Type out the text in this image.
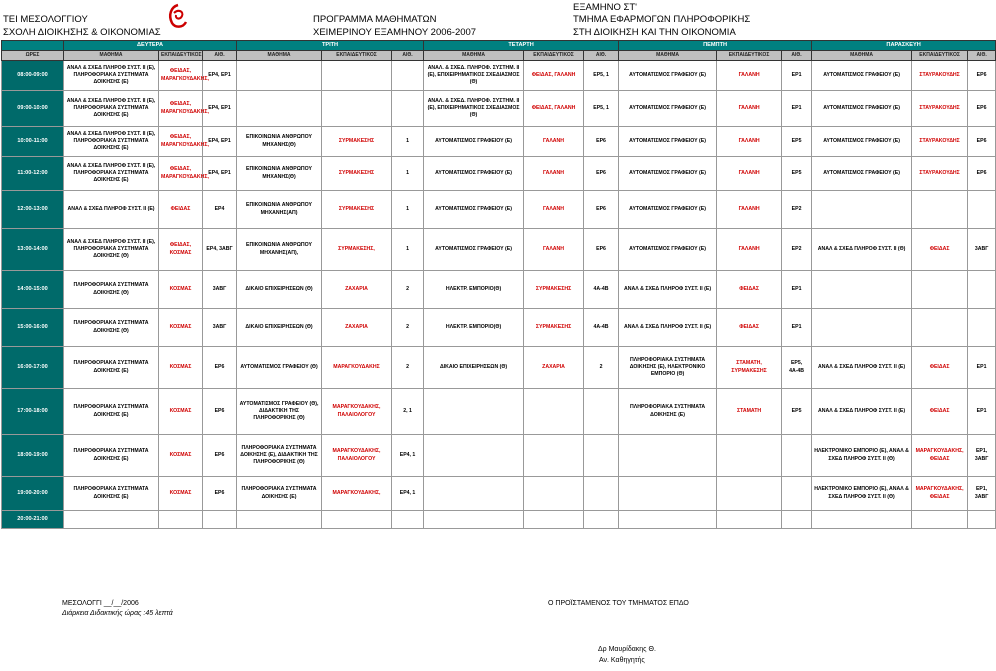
ΤΕΙ ΜΕΣΟΛΟΓΓΙΟΥ
ΣΧΟΛΗ ΔΙΟΙΚΗΣΗΣ & ΟΙΚΟΝΟΜΙΑΣ
ΠΡΟΓΡΑΜΜΑ ΜΑΘΗΜΑΤΩΝ
ΧΕΙΜΕΡΙΝΟΥ ΕΞΑΜΗΝΟΥ 2006-2007
ΕΞΑΜΗΝΟ ΣΤ'
ΤΜΗΜΑ ΕΦΑΡΜΟΓΩΝ ΠΛΗΡΟΦΟΡΙΚΗΣ
ΣΤΗ ΔΙΟΙΚΗΣΗ ΚΑΙ ΤΗΝ ΟΙΚΟΝΟΜΙΑ
	ΔΕΥΤΕΡΑ			ΤΡΙΤΗ			ΤΕΤΑΡΤΗ			ΠΕΜΠΤΗ			ΠΑΡΑΣΚΕΥΗ		
ΩΡΕΣ	ΜΑΘΗΜΑ	ΕΚΠΑΙΔΕΥΤΙΚΟΣ	ΑΙΘ.	ΜΑΘΗΜΑ	ΕΚΠΑΙΔΕΥΤΙΚΟΣ	ΑΙΘ.	ΜΑΘΗΜΑ	ΕΚΠΑΙΔΕΥΤΙΚΟΣ	ΑΙΘ.	ΜΑΘΗΜΑ	ΕΚΠΑΙΔΕΥΤΙΚΟΣ	ΑΙΘ.	ΜΑΘΗΜΑ	ΕΚΠΑΙΔΕΥΤΙΚΟΣ	ΑΙΘ.
08:00-09:00	ΑΝΑΛ & ΣΧΕΔ ΠΛΗΡΟΦ ΣΥΣΤ. ΙΙ (Ε), ΠΛΗΡΟΦΟΡΙΑΚΑ ΣΥΣΤΗΜΑΤΑ ΔΟΙΚΗΣΗΣ (Ε)	ΦΕΙΔΑΣ, ΜΑΡΑΓΚΟΥΔΑΚΗΣ,	ΕΡ4, ΕΡ1				ΑΝΑΛ. & ΣΧΕΔ. ΠΛΗΡΟΦ. ΣΥΣΤΗΜ. ΙΙ (Ε), ΕΠΙΧΕΙΡΗΜΑΤΙΚΟΣ ΣΧΕΔΙΑΣΜΟΣ (Θ)	ΦΕΙΔΑΣ, ΓΑΛΑΝΗ	ΕΡ5, 1	ΑΥΤΟΜΑΤΙΣΜΟΣ ΓΡΑΦΕΙΟΥ (Ε)	ΓΑΛΑΝΗ	ΕΡ1	ΑΥΤΟΜΑΤΙΣΜΟΣ ΓΡΑΦΕΙΟΥ (Ε)	ΣΤΑΥΡΑΚΟΥΔΗΣ	ΕΡ6
09:00-10:00	ΑΝΑΛ & ΣΧΕΔ ΠΛΗΡΟΦ ΣΥΣΤ. ΙΙ (Ε), ΠΛΗΡΟΦΟΡΙΑΚΑ ΣΥΣΤΗΜΑΤΑ ΔΟΙΚΗΣΗΣ (Ε)	ΦΕΙΔΑΣ, ΜΑΡΑΓΚΟΥΔΑΚΗΣ,	ΕΡ4, ΕΡ1				ΑΝΑΛ. & ΣΧΕΔ. ΠΛΗΡΟΦ. ΣΥΣΤΗΜ. ΙΙ (Ε), ΕΠΙΧΕΙΡΗΜΑΤΙΚΟΣ ΣΧΕΔΙΑΣΜΟΣ (Θ)	ΦΕΙΔΑΣ, ΓΑΛΑΝΗ	ΕΡ5, 1	ΑΥΤΟΜΑΤΙΣΜΟΣ ΓΡΑΦΕΙΟΥ (Ε)	ΓΑΛΑΝΗ	ΕΡ1	ΑΥΤΟΜΑΤΙΣΜΟΣ ΓΡΑΦΕΙΟΥ (Ε)	ΣΤΑΥΡΑΚΟΥΔΗΣ	ΕΡ6
10:00-11:00	ΑΝΑΛ & ΣΧΕΔ ΠΛΗΡΟΦ ΣΥΣΤ. ΙΙ (Ε), ΠΛΗΡΟΦΟΡΙΑΚΑ ΣΥΣΤΗΜΑΤΑ ΔΟΙΚΗΣΗΣ (Ε)	ΦΕΙΔΑΣ, ΜΑΡΑΓΚΟΥΔΑΚΗΣ,	ΕΡ4, ΕΡ1	ΕΠΙΚΟΙΝΩΝΙΑ ΑΝΘΡΩΠΟΥ ΜΗΧΑΝΗΣ(Θ)	ΣΥΡΜΑΚΕΣΗΣ	1	ΑΥΤΟΜΑΤΙΣΜΟΣ ΓΡΑΦΕΙΟΥ (Ε)	ΓΑΛΑΝΗ	ΕΡ6	ΑΥΤΟΜΑΤΙΣΜΟΣ ΓΡΑΦΕΙΟΥ (Ε)	ΓΑΛΑΝΗ	ΕΡ5	ΑΥΤΟΜΑΤΙΣΜΟΣ ΓΡΑΦΕΙΟΥ (Ε)	ΣΤΑΥΡΑΚΟΥΔΗΣ	ΕΡ6
11:00-12:00	ΑΝΑΛ & ΣΧΕΔ ΠΛΗΡΟΦ ΣΥΣΤ. ΙΙ (Ε), ΠΛΗΡΟΦΟΡΙΑΚΑ ΣΥΣΤΗΜΑΤΑ ΔΟΙΚΗΣΗΣ (Ε)	ΦΕΙΔΑΣ, ΜΑΡΑΓΚΟΥΔΑΚΗΣ,	ΕΡ4, ΕΡ1	ΕΠΙΚΟΙΝΩΝΙΑ ΑΝΘΡΩΠΟΥ ΜΗΧΑΝΗΣ(Θ)	ΣΥΡΜΑΚΕΣΗΣ	1	ΑΥΤΟΜΑΤΙΣΜΟΣ ΓΡΑΦΕΙΟΥ (Ε)	ΓΑΛΑΝΗ	ΕΡ6	ΑΥΤΟΜΑΤΙΣΜΟΣ ΓΡΑΦΕΙΟΥ (Ε)	ΓΑΛΑΝΗ	ΕΡ5	ΑΥΤΟΜΑΤΙΣΜΟΣ ΓΡΑΦΕΙΟΥ (Ε)	ΣΤΑΥΡΑΚΟΥΔΗΣ	ΕΡ6
12:00-13:00	ΑΝΑΛ & ΣΧΕΔ ΠΛΗΡΟΦ ΣΥΣΤ. ΙΙ (Ε)	ΦΕΙΔΑΣ	ΕΡ4	ΕΠΙΚΟΙΝΩΝΙΑ ΑΝΘΡΩΠΟΥ ΜΗΧΑΝΗΣ(ΑΠ)	ΣΥΡΜΑΚΕΣΗΣ	1	ΑΥΤΟΜΑΤΙΣΜΟΣ ΓΡΑΦΕΙΟΥ (Ε)	ΓΑΛΑΝΗ	ΕΡ6	ΑΥΤΟΜΑΤΙΣΜΟΣ ΓΡΑΦΕΙΟΥ (Ε)	ΓΑΛΑΝΗ	ΕΡ2			
13:00-14:00	ΑΝΑΛ & ΣΧΕΔ ΠΛΗΡΟΦ ΣΥΣΤ. ΙΙ (Ε), ΠΛΗΡΟΦΟΡΙΑΚΑ ΣΥΣΤΗΜΑΤΑ ΔΟΙΚΗΣΗΣ (Θ)	ΦΕΙΔΑΣ, ΚΟΣΜΑΣ	ΕΡ4, 3ΑΒΓ	ΕΠΙΚΟΙΝΩΝΙΑ ΑΝΘΡΩΠΟΥ ΜΗΧΑΝΗΣ(ΑΠ),	ΣΥΡΜΑΚΕΣΗΣ,	1	ΑΥΤΟΜΑΤΙΣΜΟΣ ΓΡΑΦΕΙΟΥ (Ε)	ΓΑΛΑΝΗ	ΕΡ6	ΑΥΤΟΜΑΤΙΣΜΟΣ ΓΡΑΦΕΙΟΥ (Ε)	ΓΑΛΑΝΗ	ΕΡ2	ΑΝΑΛ & ΣΧΕΔ ΠΛΗΡΟΦ ΣΥΣΤ. ΙΙ (Θ)	ΦΕΙΔΑΣ	3ΑΒΓ
14:00-15:00	ΠΛΗΡΟΦΟΡΙΑΚΑ ΣΥΣΤΗΜΑΤΑ ΔΟΙΚΗΣΗΣ (Θ)	ΚΟΣΜΑΣ	3ΑΒΓ	ΔΙΚΑΙΟ ΕΠΙΧΕΙΡΗΣΕΩΝ (Θ)	ΖΑΧΑΡΙΑ	2	ΗΛΕΚΤΡ. ΕΜΠΟΡΙΟ(Θ)	ΣΥΡΜΑΚΕΣΗΣ	4Α-4Β	ΑΝΑΛ & ΣΧΕΔ ΠΛΗΡΟΦ ΣΥΣΤ. ΙΙ (Ε)	ΦΕΙΔΑΣ	ΕΡ1			
15:00-16:00	ΠΛΗΡΟΦΟΡΙΑΚΑ ΣΥΣΤΗΜΑΤΑ ΔΟΙΚΗΣΗΣ (Θ)	ΚΟΣΜΑΣ	3ΑΒΓ	ΔΙΚΑΙΟ ΕΠΙΧΕΙΡΗΣΕΩΝ (Θ)	ΖΑΧΑΡΙΑ	2	ΗΛΕΚΤΡ. ΕΜΠΟΡΙΟ(Θ)	ΣΥΡΜΑΚΕΣΗΣ	4Α-4Β	ΑΝΑΛ & ΣΧΕΔ ΠΛΗΡΟΦ ΣΥΣΤ. ΙΙ (Ε)	ΦΕΙΔΑΣ	ΕΡ1			
16:00-17:00	ΠΛΗΡΟΦΟΡΙΑΚΑ ΣΥΣΤΗΜΑΤΑ ΔΟΙΚΗΣΗΣ (Ε)	ΚΟΣΜΑΣ	ΕΡ6	ΑΥΤΟΜΑΤΙΣΜΟΣ ΓΡΑΦΕΙΟΥ (Θ)	ΜΑΡΑΓΚΟΥΔΑΚΗΣ	2	ΔΙΚΑΙΟ ΕΠΙΧΕΙΡΗΣΕΩΝ (Θ)	ΖΑΧΑΡΙΑ	2	ΠΛΗΡΟΦΟΡΙΑΚΑ ΣΥΣΤΗΜΑΤΑ ΔΟΙΚΗΣΗΣ (Ε), ΗΛΕΚΤΡΟΝΙΚΟ ΕΜΠΟΡΙΟ (Θ)	ΣΤΑΜΑΤΗ, ΣΥΡΜΑΚΕΣΗΣ	ΕΡ5, 4Α-4Β	ΑΝΑΛ & ΣΧΕΔ ΠΛΗΡΟΦ ΣΥΣΤ. ΙΙ (Ε)	ΦΕΙΔΑΣ	ΕΡ1
17:00-18:00	ΠΛΗΡΟΦΟΡΙΑΚΑ ΣΥΣΤΗΜΑΤΑ ΔΟΙΚΗΣΗΣ (Ε)	ΚΟΣΜΑΣ	ΕΡ6	ΑΥΤΟΜΑΤΙΣΜΟΣ ΓΡΑΦΕΙΟΥ (Θ), ΔΙΔΑΚΤΙΚΗ ΤΗΣ ΠΛΗΡΟΦΟΡΙΚΗΣ (Θ)	ΜΑΡΑΓΚΟΥΔΑΚΗΣ, ΠΑΛΑΙΟΛΟΓΟΥ	2, 1				ΠΛΗΡΟΦΟΡΙΑΚΑ ΣΥΣΤΗΜΑΤΑ ΔΟΙΚΗΣΗΣ (Ε)	ΣΤΑΜΑΤΗ	ΕΡ5	ΑΝΑΛ & ΣΧΕΔ ΠΛΗΡΟΦ ΣΥΣΤ. ΙΙ (Ε)	ΦΕΙΔΑΣ	ΕΡ1
18:00-19:00	ΠΛΗΡΟΦΟΡΙΑΚΑ ΣΥΣΤΗΜΑΤΑ ΔΟΙΚΗΣΗΣ (Ε)	ΚΟΣΜΑΣ	ΕΡ6	ΠΛΗΡΟΦΟΡΙΑΚΑ ΣΥΣΤΗΜΑΤΑ ΔΟΙΚΗΣΗΣ (Ε), ΔΙΔΑΚΤΙΚΗ ΤΗΣ ΠΛΗΡΟΦΟΡΙΚΗΣ (Θ)	ΜΑΡΑΓΚΟΥΔΑΚΗΣ, ΠΑΛΑΙΟΛΟΓΟΥ	ΕΡ4, 1							ΗΛΕΚΤΡΟΝΙΚΟ ΕΜΠΟΡΙΟ (Ε), ΑΝΑΛ & ΣΧΕΔ ΠΛΗΡΟΦ ΣΥΣΤ. ΙΙ (Θ)	ΜΑΡΑΓΚΟΥΔΑΚΗΣ, ΦΕΙΔΑΣ	ΕΡ1, 3ΑΒΓ
19:00-20:00	ΠΛΗΡΟΦΟΡΙΑΚΑ ΣΥΣΤΗΜΑΤΑ ΔΟΙΚΗΣΗΣ (Ε)	ΚΟΣΜΑΣ	ΕΡ6	ΠΛΗΡΟΦΟΡΙΑΚΑ ΣΥΣΤΗΜΑΤΑ ΔΟΙΚΗΣΗΣ (Ε)	ΜΑΡΑΓΚΟΥΔΑΚΗΣ,	ΕΡ4, 1							ΗΛΕΚΤΡΟΝΙΚΟ ΕΜΠΟΡΙΟ (Ε), ΑΝΑΛ & ΣΧΕΔ ΠΛΗΡΟΦ ΣΥΣΤ. ΙΙ (Θ)	ΜΑΡΑΓΚΟΥΔΑΚΗΣ, ΦΕΙΔΑΣ	ΕΡ1, 3ΑΒΓ
20:00-21:00															
ΜΕΣΟΛΟΓΓΙ __/__/2006
Διάρκεια Διδακτικής ώρας :45 λεπτά
Ο ΠΡΟΪΣΤΑΜΕΝΟΣ ΤΟΥ ΤΜΗΜΑΤΟΣ ΕΠΔΟ
Δρ Μαυρίδακης Θ.
Αν. Καθηγητής
